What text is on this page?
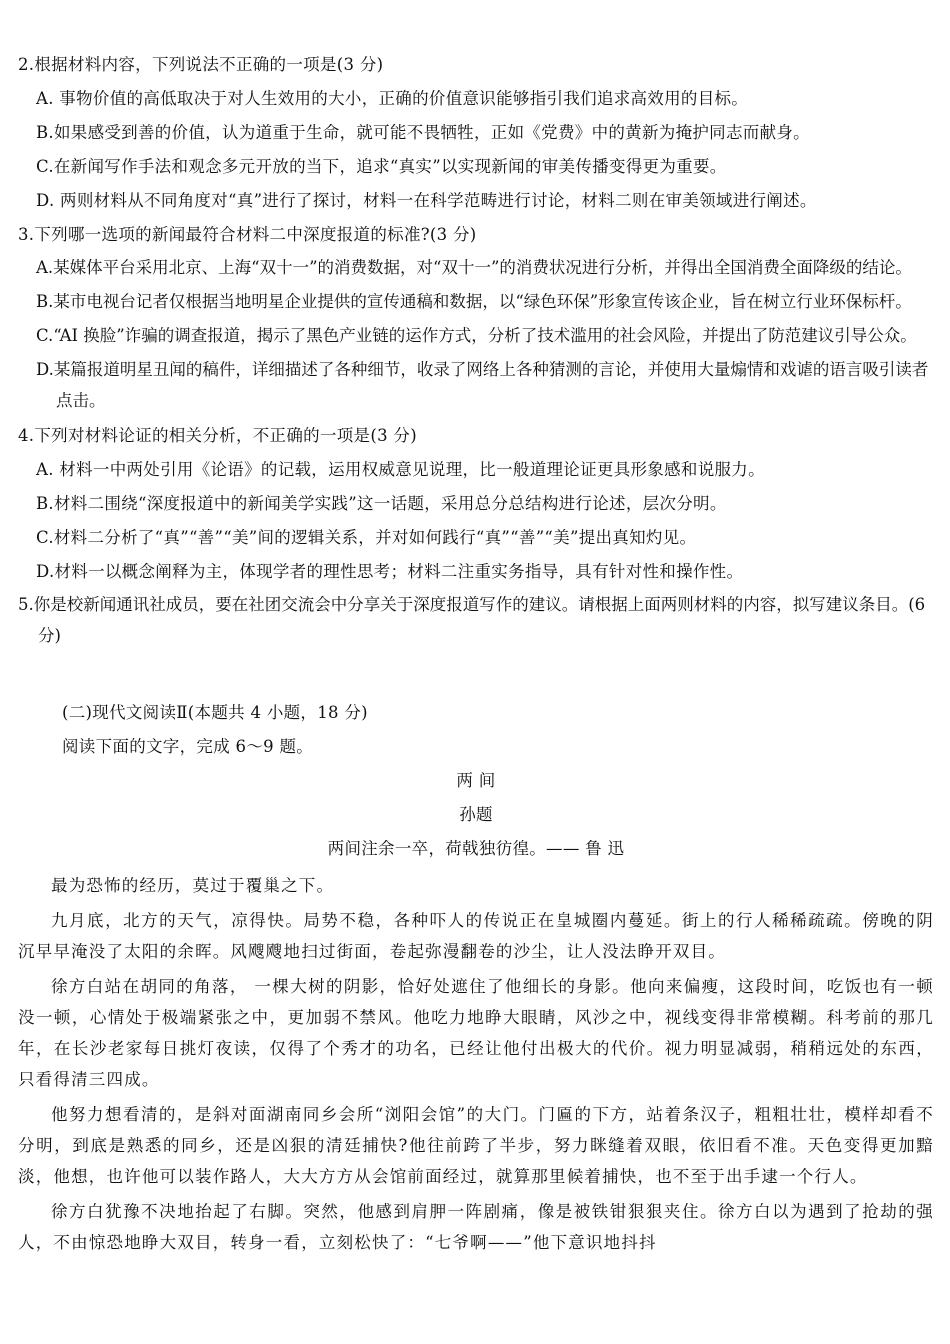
2.根据材料内容，下列说法不正确的一项是(3 分)
A. 事物价值的高低取决于对人生效用的大小，正确的价值意识能够指引我们追求高效用的目标。
B.如果感受到善的价值，认为道重于生命，就可能不畏牺牲，正如《党费》中的黄新为掩护同志而献身。
C.在新闻写作手法和观念多元开放的当下，追求“真实”以实现新闻的审美传播变得更为重要。
D. 两则材料从不同角度对“真”进行了探讨，材料一在科学范畴进行讨论，材料二则在审美领域进行阐述。
3.下列哪一选项的新闻最符合材料二中深度报道的标准?(3 分)
A.某媒体平台采用北京、上海“双十一”的消费数据，对“双十一”的消费状况进行分析，并得出全国消费全面降级的结论。
B.某市电视台记者仅根据当地明星企业提供的宣传通稿和数据，以“绿色环保”形象宣传该企业，旨在树立行业环保标杆。
C.“AI 换脸”诈骗的调查报道，揭示了黑色产业链的运作方式，分析了技术滥用的社会风险，并提出了防范建议引导公众。
D.某篇报道明星丑闻的稿件，详细描述了各种细节，收录了网络上各种猜测的言论，并使用大量煽情和戏谑的语言吸引读者点击。
4.下列对材料论证的相关分析，不正确的一项是(3 分)
A. 材料一中两处引用《论语》的记载，运用权威意见说理，比一般道理论证更具形象感和说服力。
B.材料二围绕“深度报道中的新闻美学实践”这一话题，采用总分总结构进行论述，层次分明。
C.材料二分析了“真”“善”“美”间的逻辑关系，并对如何践行“真”“善”“美”提出真知灼见。
D.材料一以概念阐释为主，体现学者的理性思考；材料二注重实务指导，具有针对性和操作性。
5.你是校新闻通讯社成员，要在社团交流会中分享关于深度报道写作的建议。请根据上面两则材料的内容，拟写建议条目。(6 分)
(二)现代文阅读Ⅱ(本题共 4 小题，18 分)
阅读下面的文字，完成 6～9 题。
两 间
孙题
两间注余一卒，荷戟独彷徨。—— 鲁 迅
最为恐怖的经历，莫过于覆巢之下。
九月底，北方的天气，凉得快。局势不稳，各种吓人的传说正在皇城圈内蔓延。街上的行人稀稀疏疏。傍晚的阴沉早早淹没了太阳的余晖。风飕飕地扫过街面，卷起弥漫翻卷的沙尘，让人没法睁开双目。
徐方白站在胡同的角落， 一棵大树的阴影，恰好处遮住了他细长的身影。他向来偏瘦，这段时间，吃饭也有一顿没一顿，心情处于极端紧张之中，更加弱不禁风。他吃力地睁大眼睛，风沙之中，视线变得非常模糊。科考前的那几年，在长沙老家每日挑灯夜读，仅得了个秀才的功名，已经让他付出极大的代价。视力明显减弱，稍稍远处的东西，只看得清三四成。
他努力想看清的，是斜对面湖南同乡会所“浏阳会馆”的大门。门匾的下方，站着条汉子，粗粗壮壮，模样却看不分明，到底是熟悉的同乡，还是凶狠的清廷捕快?他往前跨了半步，努力眯缝着双眼，依旧看不准。天色变得更加黯淡，他想，也许他可以装作路人，大大方方从会馆前面经过，就算那里候着捕快，也不至于出手逮一个行人。
徐方白犹豫不决地抬起了右脚。突然，他感到肩胛一阵剧痛，像是被铁钳狠狠夹住。徐方白以为遇到了抢劫的强人，不由惊恐地睁大双目，转身一看，立刻松快了：“七爷啊——”他下意识地抖抖
